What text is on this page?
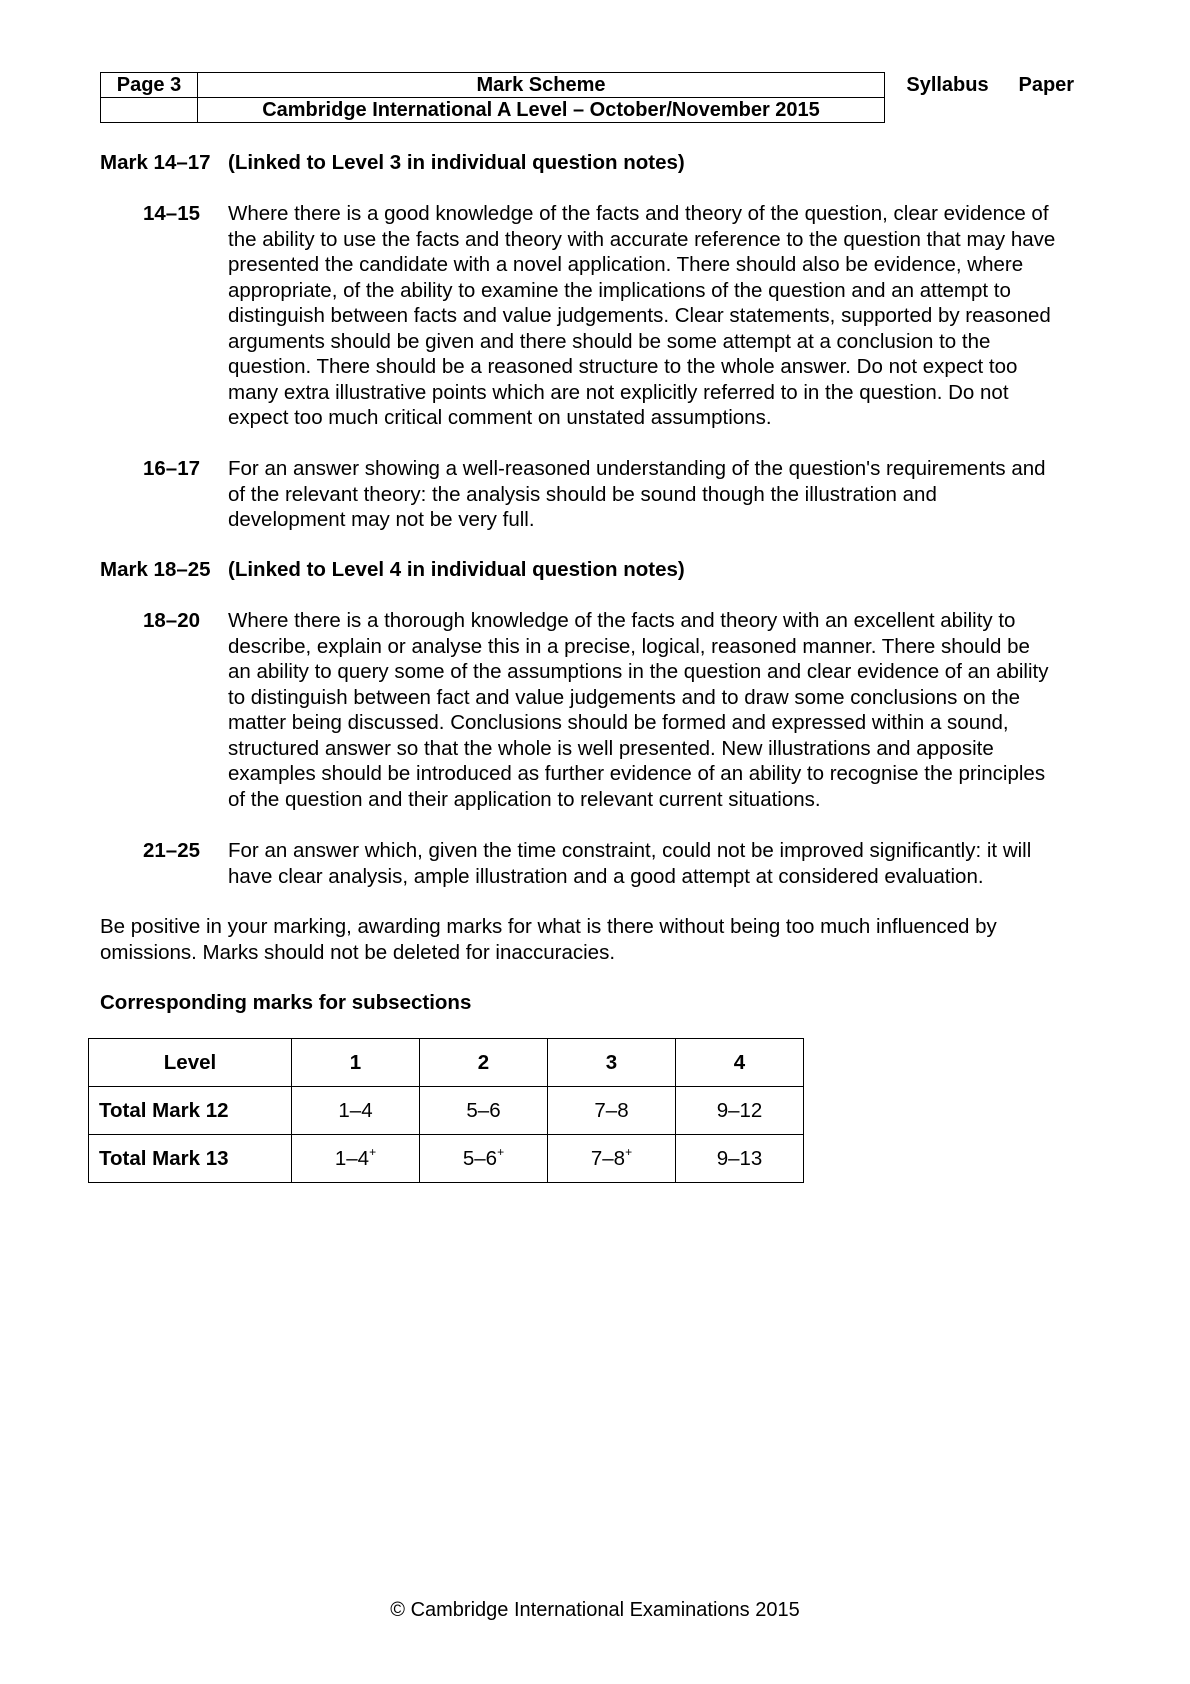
Page 3	Mark Scheme	Syllabus	Paper
	Cambridge International A Level – October/November 2015		
Mark 14–17 (Linked to Level 3 in individual question notes)
14–15 Where there is a good knowledge of the facts and theory of the question, clear evidence of
the ability to use the facts and theory with accurate reference to the question that may have
presented the candidate with a novel application. There should also be evidence, where
appropriate, of the ability to examine the implications of the question and an attempt to
distinguish between facts and value judgements. Clear statements, supported by reasoned
arguments should be given and there should be some attempt at a conclusion to the
question. There should be a reasoned structure to the whole answer. Do not expect too
many extra illustrative points which are not explicitly referred to in the question. Do not
expect too much critical comment on unstated assumptions.
16–17 For an answer showing a well-reasoned understanding of the question's requirements and
of the relevant theory: the analysis should be sound though the illustration and
development may not be very full.
Mark 18–25 (Linked to Level 4 in individual question notes)
18–20 Where there is a thorough knowledge of the facts and theory with an excellent ability to
describe, explain or analyse this in a precise, logical, reasoned manner. There should be
an ability to query some of the assumptions in the question and clear evidence of an ability
to distinguish between fact and value judgements and to draw some conclusions on the
matter being discussed. Conclusions should be formed and expressed within a sound,
structured answer so that the whole is well presented. New illustrations and apposite
examples should be introduced as further evidence of an ability to recognise the principles
of the question and their application to relevant current situations.
21–25 For an answer which, given the time constraint, could not be improved significantly: it will
have clear analysis, ample illustration and a good attempt at considered evaluation.
Be positive in your marking, awarding marks for what is there without being too much influenced by
omissions. Marks should not be deleted for inaccuracies.
Corresponding marks for subsections
Level	1	2	3	4
Total Mark 12	1–4	5–6	7–8	9–12
Total Mark 13	1–4+	5–6+	7–8+	9–13
© Cambridge International Examinations 2015
